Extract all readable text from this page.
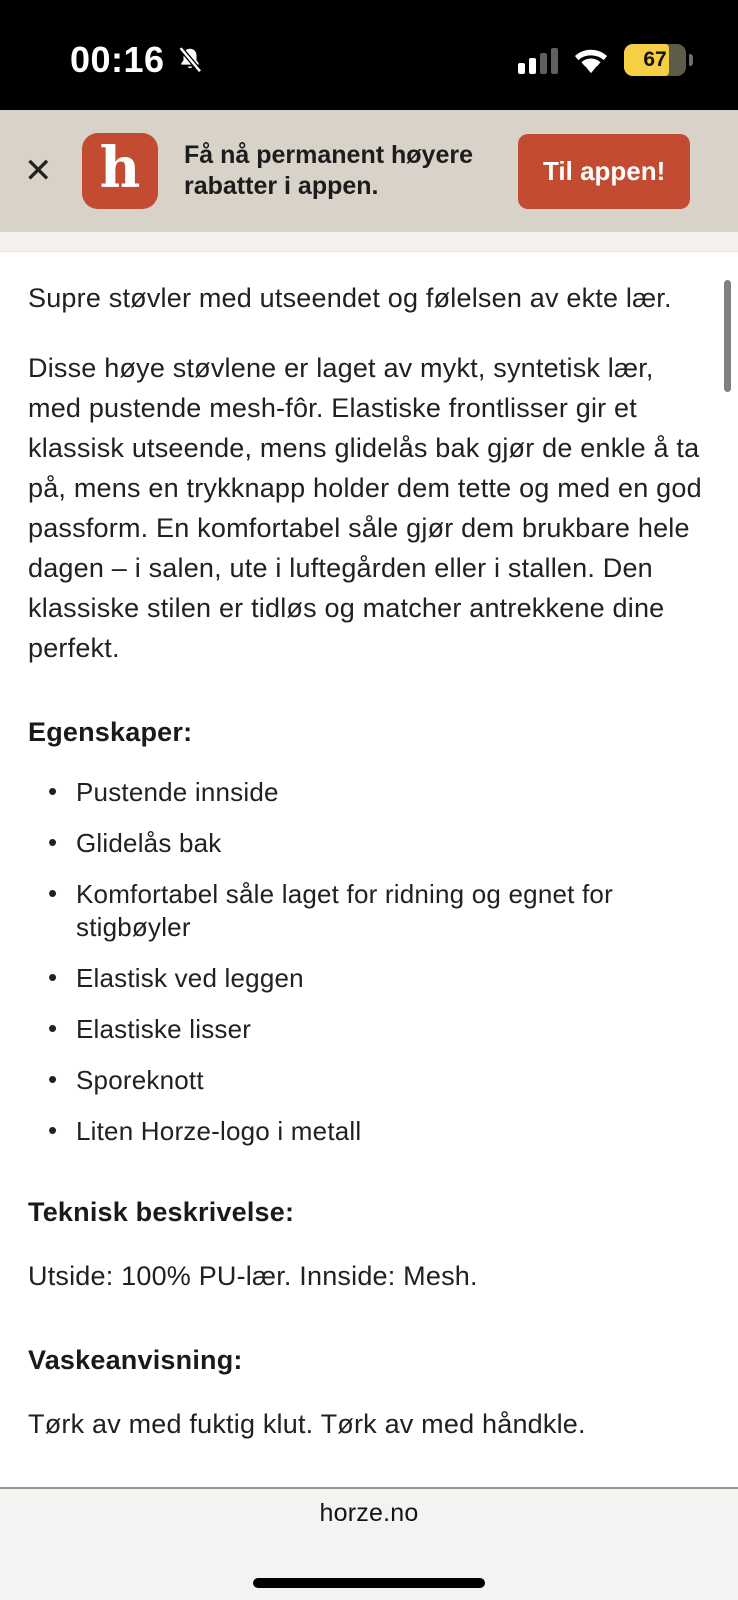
00:16	67
✕ h Få nå permanent høyere rabatter i appen.
Til appen!

Supre støvler med utseendet og følelsen av ekte lær.

Disse høye støvlene er laget av mykt, syntetisk lær, med pustende mesh-fôr. Elastiske frontlisser gir et klassisk utseende, mens glidelås bak gjør de enkle å ta på, mens en trykknapp holder dem tette og med en god passform. En komfortabel såle gjør dem brukbare hele dagen – i salen, ute i luftegården eller i stallen. Den klassiske stilen er tidløs og matcher antrekkene dine perfekt.

Egenskaper:
• Pustende innside
• Glidelås bak
• Komfortabel såle laget for ridning og egnet for stigbøyler
• Elastisk ved leggen
• Elastiske lisser
• Sporeknott
• Liten Horze-logo i metall
Teknisk beskrivelse:

Utside: 100% PU-lær. Innside: Mesh.

Vaskeanvisning:

Tørk av med fuktig klut. Tørk av med håndkle.

horze.no
